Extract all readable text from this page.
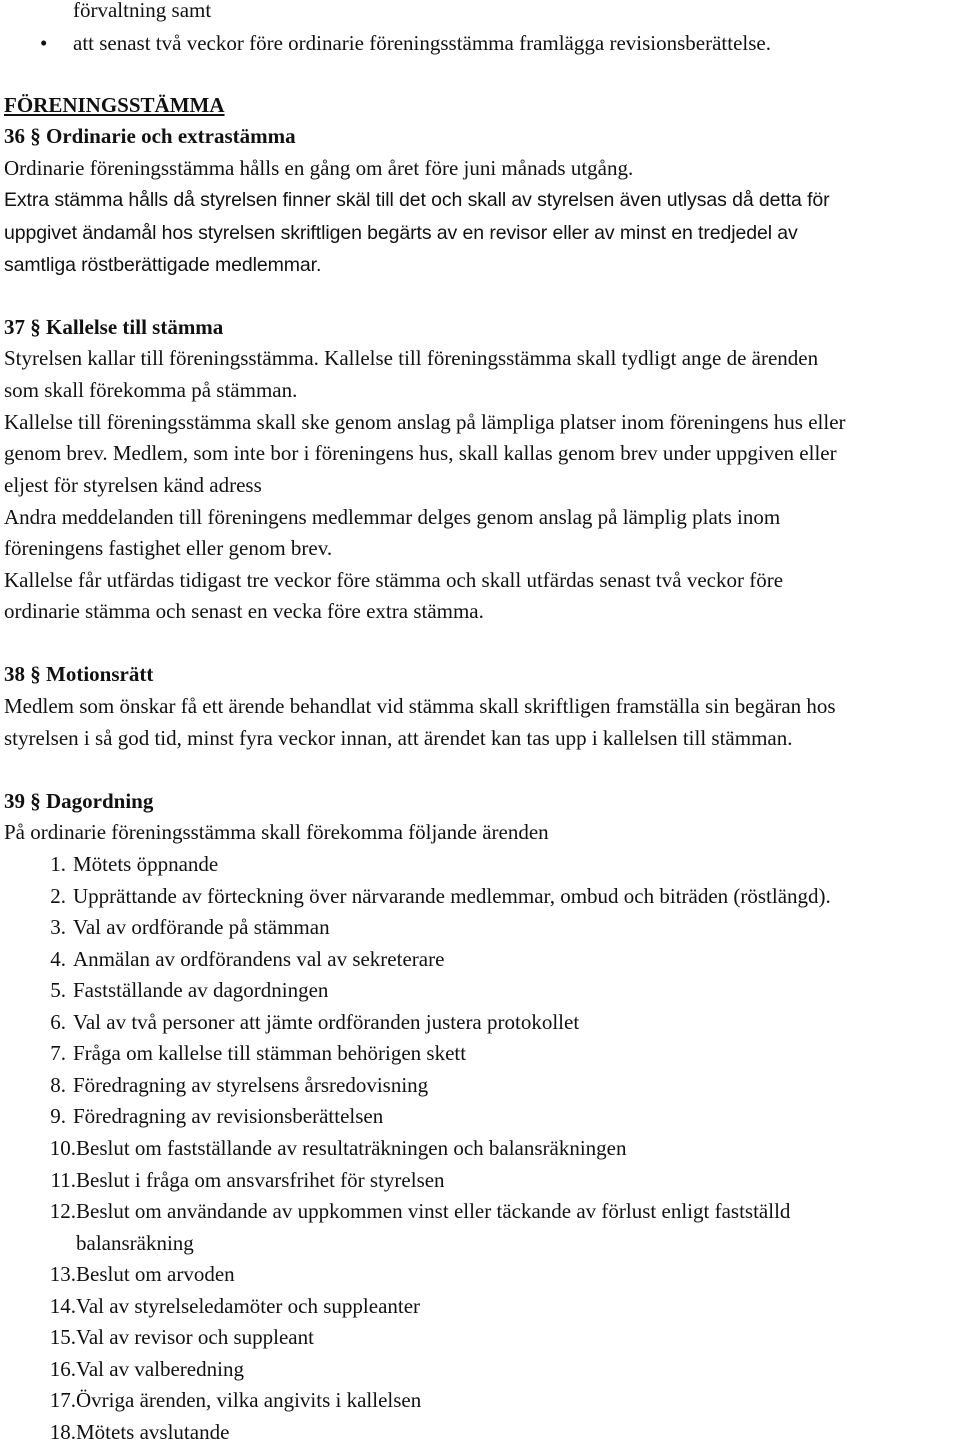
förvaltning samt
• att senast två veckor före ordinarie föreningsstämma framlägga revisionsberättelse.
FÖRENINGSSTÄMMA
36 § Ordinarie och extrastämma
Ordinarie föreningsstämma hålls en gång om året före juni månads utgång.
Extra stämma hålls då styrelsen finner skäl till det och skall av styrelsen även utlysas då detta för
uppgivet ändamål hos styrelsen skriftligen begärts av en revisor eller av minst en tredjedel av
samtliga röstberättigade medlemmar.
37 § Kallelse till stämma
Styrelsen kallar till föreningsstämma. Kallelse till föreningsstämma skall tydligt ange de ärenden
som skall förekomma på stämman.
Kallelse till föreningsstämma skall ske genom anslag på lämpliga platser inom föreningens hus eller
genom brev. Medlem, som inte bor i föreningens hus, skall kallas genom brev under uppgiven eller
eljest för styrelsen känd adress
Andra meddelanden till föreningens medlemmar delges genom anslag på lämplig plats inom
föreningens fastighet eller genom brev.
Kallelse får utfärdas tidigast tre veckor före stämma och skall utfärdas senast två veckor före
ordinarie stämma och senast en vecka före extra stämma.
38 § Motionsrätt
Medlem som önskar få ett ärende behandlat vid stämma skall skriftligen framställa sin begäran hos
styrelsen i så god tid, minst fyra veckor innan, att ärendet kan tas upp i kallelsen till stämman.
39 § Dagordning
På ordinarie föreningsstämma skall förekomma följande ärenden
1. Mötets öppnande
2. Upprättande av förteckning över närvarande medlemmar, ombud och biträden (röstlängd).
3. Val av ordförande på stämman
4. Anmälan av ordförandens val av sekreterare
5. Fastställande av dagordningen
6. Val av två personer att jämte ordföranden justera protokollet
7. Fråga om kallelse till stämman behörigen skett
8. Föredragning av styrelsens årsredovisning
9. Föredragning av revisionsberättelsen
10. Beslut om fastställande av resultaträkningen och balansräkningen
11. Beslut i fråga om ansvarsfrihet för styrelsen
12. Beslut om användande av uppkommen vinst eller täckande av förlust enligt fastställd
balansräkning
13. Beslut om arvoden
14. Val av styrelseledamöter och suppleanter
15. Val av revisor och suppleant
16. Val av valberedning
17. Övriga ärenden, vilka angivits i kallelsen
18. Mötets avslutande
